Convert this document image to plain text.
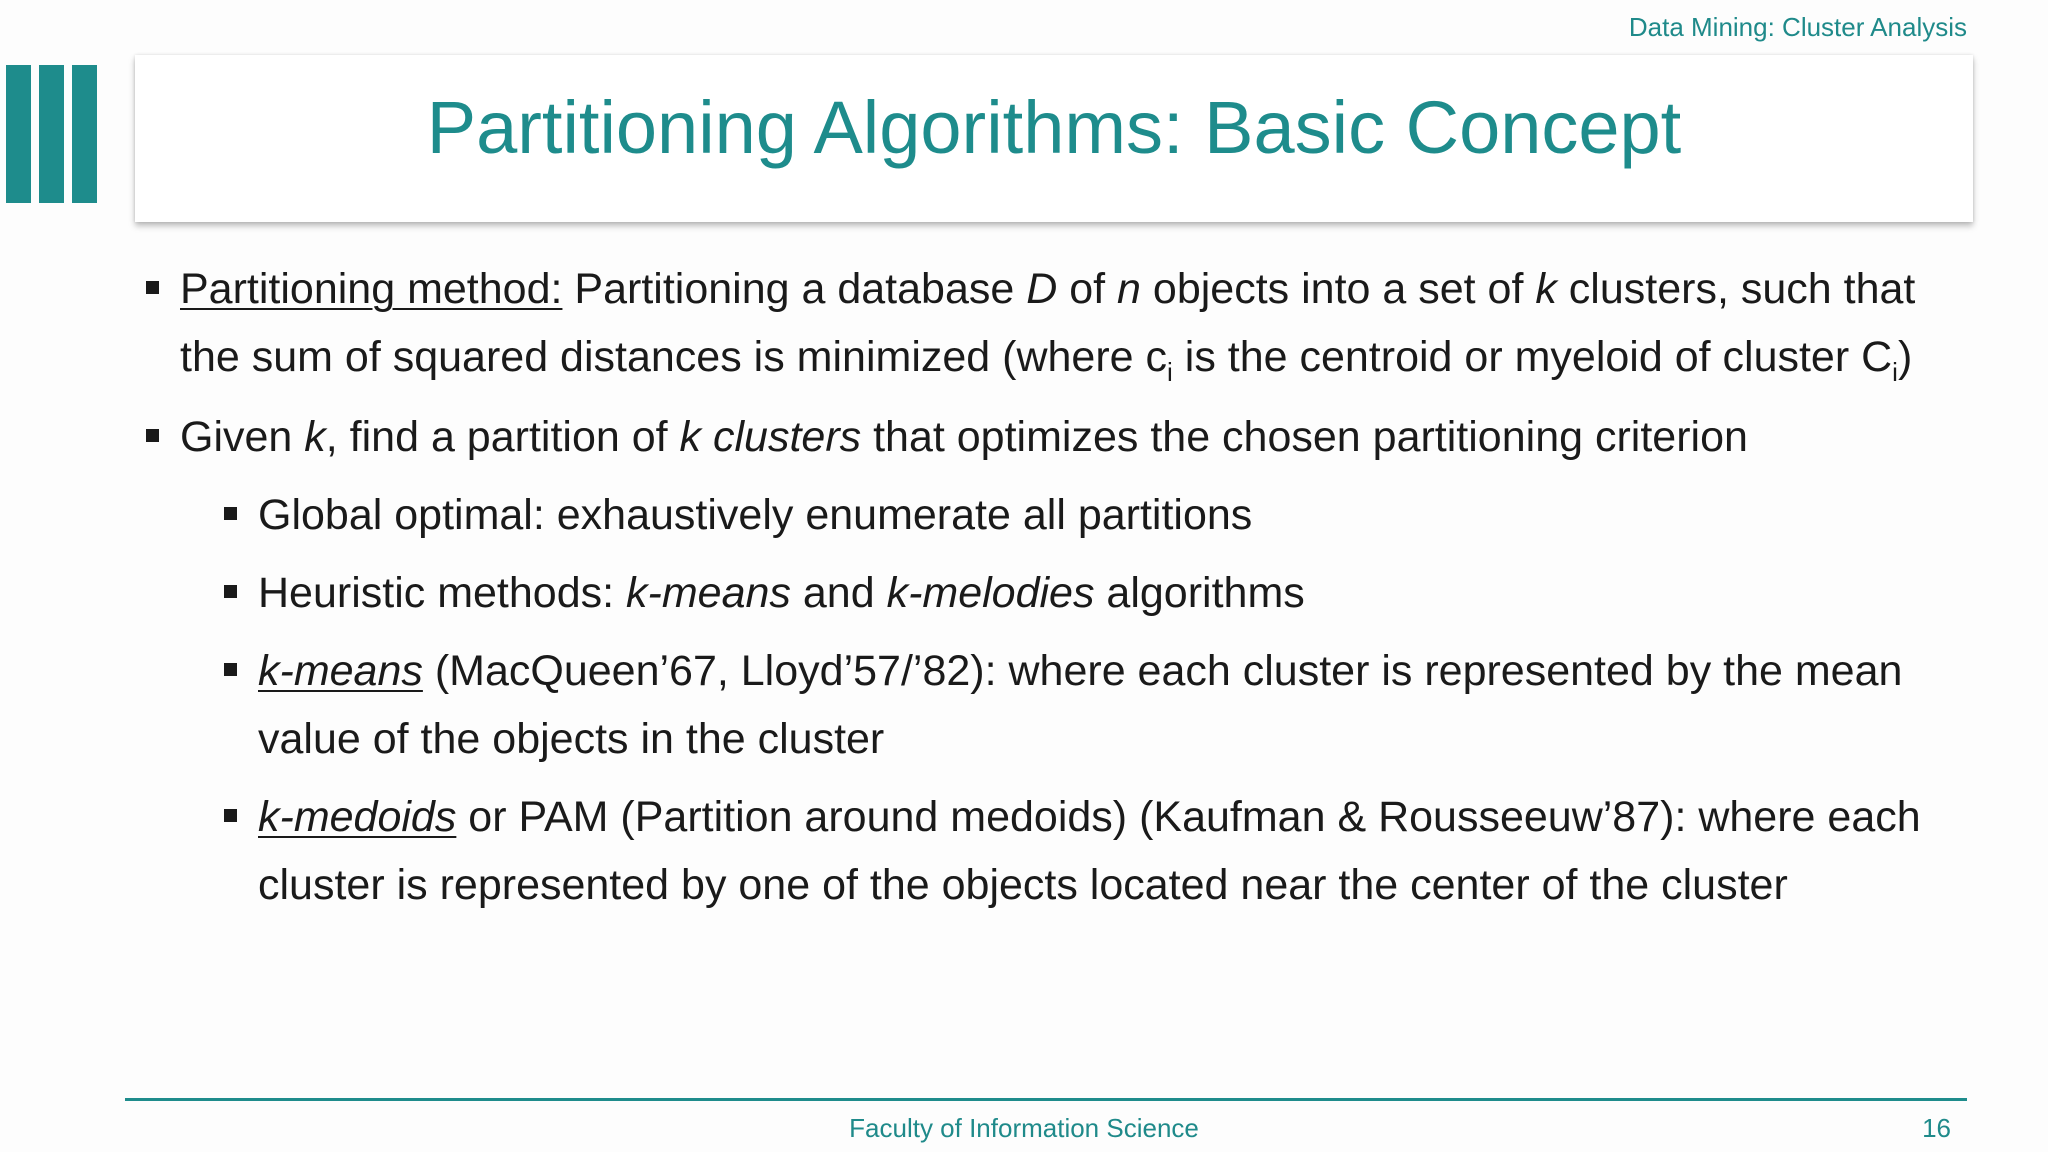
Data Mining: Cluster Analysis
Partitioning Algorithms: Basic Concept
Partitioning method: Partitioning a database D of n objects into a set of k clusters, such that the sum of squared distances is minimized (where $c_i$ is the centroid or myeloid of cluster $C_i$)
Given k, find a partition of k clusters that optimizes the chosen partitioning criterion
Global optimal: exhaustively enumerate all partitions
Heuristic methods: k-means and k-melodies algorithms
k-means (MacQueen’67, Lloyd’57/’82): where each cluster is represented by the mean value of the objects in the cluster
k-medoids or PAM (Partition around medoids) (Kaufman & Rousseeuw’87): where each cluster is represented by one of the objects located near the center of the cluster
Faculty of Information Science	16
